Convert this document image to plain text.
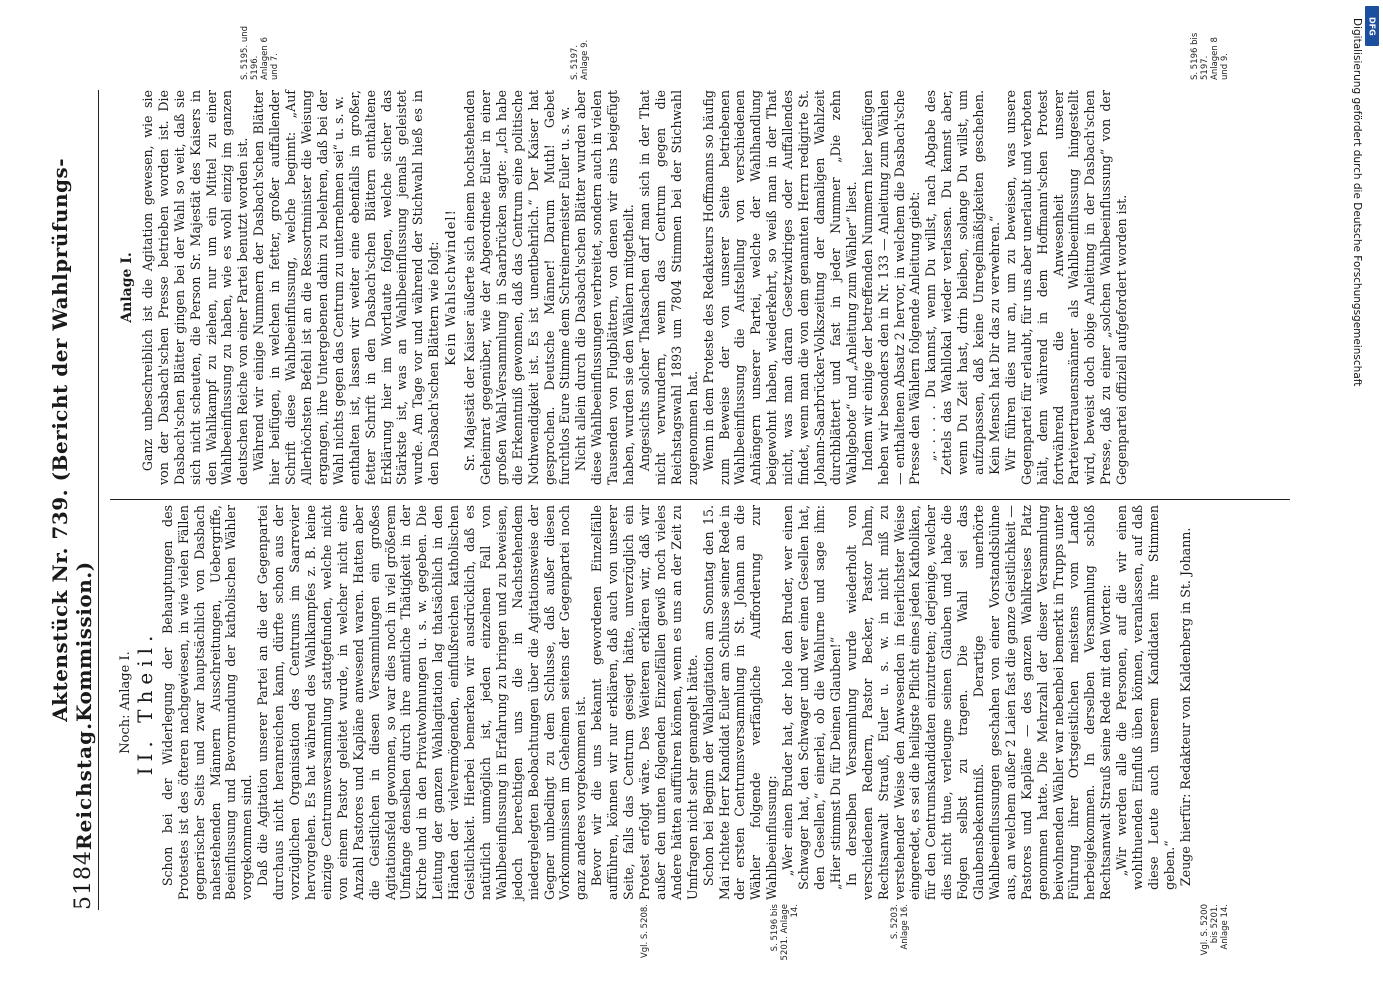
5184
Reichstag.
Aktenstück Nr. 739. (Bericht der Wahlprüfungs-Kommission.) Noch: Anlage I. II. Theil. Schon bei der Widerlegung der Behauptungen des Protestes ist des öfteren nachgewiesen, in wie vielen Fällen gegnerischer Seits und zwar hauptsächlich von Dasbach nahestehenden Männern Ausschreitungen, Uebergriffe, Beeinflussung und Bevormundung der katholischen Wähler vorgekommen sind. Daß die Agitation unserer Partei an die der Gegenpartei durchaus nicht heranreichen kann, dürfte schon aus der vorzüglichen Organisation des Centrums im Saarrevier hervorgehen. Es hat während des Wahlkampfes z. B. keine einzige Centrumsversammlung stattgefunden, welche nicht von einem Pastor geleitet wurde, in welcher nicht eine Anzahl Pastores und Kapläne anwesend waren. Hatten aber die Geistlichen in diesen Versammlungen ein großes Agitationsfeld gewonnen, so war dies noch in viel größerem Umfange denselben durch ihre amtliche Thätigkeit in der Kirche und in den Privatwohnungen u. s. w. gegeben. Die Leitung der ganzen Wahlagitation lag thatsächlich in den Händen der vielvermögenden, einflußreichen katholischen Geistlichkeit. Hierbei bemerken wir ausdrücklich, daß es natürlich unmöglich ist, jeden einzelnen Fall von Wahlbeeinflussung in Erfahrung zu bringen und zu beweisen, jedoch berechtigen uns die in Nachstehendem niedergelegten Beobachtungen über die Agitationsweise der Gegner unbedingt zu dem Schlusse, daß außer diesen Vorkommnissen im Geheimen seitens der Gegenpartei noch ganz anderes vorgekommen ist. Bevor wir die uns bekannt gewordenen Einzelfälle aufführen, können wir nur erklären, daß auch von unserer Seite, falls das Centrum gesiegt hätte, unverzüglich ein Protest erfolgt wäre. Des Weiteren erklären wir, daß wir außer den unten folgenden Einzelfällen gewiß noch vieles Andere hätten aufführen können, wenn es uns an der Zeit zu Umfragen nicht sehr gemangelt hätte. Schon bei Beginn der Wahlagitation am Sonntag den 15. Mai richtete Herr Kandidat Euler am Schlusse seiner Rede in der ersten Centrumsversammlung in St. Johann an die Wähler folgende verfängliche Aufforderung zur Wahlbeeinflussung: „Wer einen Bruder hat, der hole den Bruder, wer einen Schwager hat, den Schwager und wer einen Gesellen hat, den Gesellen,“ einerlei, ob die Wahlurne und sage ihm: „Hier stimmst Du für Deinen Glauben!“ In derselben Versammlung wurde wiederholt von verschiedenen Rednern, Pastor Becker, Pastor Dahm, Rechtsanwalt Strauß, Euler u. s. w. in nicht miß zu verstehender Weise den Anwesenden in feierlichster Weise eingeredet, es sei die heiligste Pflicht eines jeden Katholiken, für den Centrumskandidaten einzutreten; derjenige, welcher dies nicht thue, verleugne seinen Glauben und habe die Folgen selbst zu tragen. Die Wahl sei das Glaubensbekenntniß. Derartige unerhörte Wahlbeeinflussungen geschahen von einer Vorstandsbühne aus, an welchem außer 2 Laien fast die ganze Geistlichkeit — Pastores und Kapläne — des ganzen Wahlkreises Platz genommen hatte. Die Mehrzahl der dieser Versammlung beiwohnenden Wähler war nebenbei bemerkt in Trupps unter Führung ihrer Ortsgeistlichen meistens vom Lande herbeigekommen. In derselben Versammlung schloß Rechtsanwalt Strauß seine Rede mit den Worten: „Wir werden alle die Personen, auf die wir einen wohlthuenden Einfluß üben können, veranlassen, auf daß diese Leute auch unserem Kandidaten ihre Stimmen geben.“ Zeuge hierfür: Redakteur von Kaldenberg in St. Johann.

Anlage I. Ganz unbeschreiblich ist die Agitation gewesen, wie sie von der Dasbach'schen Presse betrieben worden ist. Die Dasbach'schen Blätter gingen bei der Wahl so weit, daß sie sich nicht scheuten, die Person Sr. Majestät des Kaisers in den Wahlkampf zu ziehen, nur um ein Mittel zu einer Wahlbeeinflussung zu haben, wie es wohl einzig im ganzen deutschen Reiche von einer Partei benutzt worden ist. Während wir einige Nummern der Dasbach'schen Blätter hier beifügen, in welchen in fetter, großer auffallender Schrift diese Wahlbeeinflussung, welche beginnt: „Auf Allerhöchsten Befehl ist an die Ressortminister die Weisung ergangen, ihre Untergebenen dahin zu belehren, daß bei der Wahl nichts gegen das Centrum zu unternehmen sei“ u. s. w. enthalten ist, lassen wir weiter eine ebenfalls in großer, fetter Schrift in den Dasbach'schen Blättern enthaltene Erklärung hier im Wortlaute folgen, welche sicher das Stärkste ist, was an Wahlbeeinflussung jemals geleistet wurde. Am Tage vor und während der Stichwahl hieß es in den Dasbach'schen Blättern wie folgt: Kein Wahlschwindel! Sr. Majestät der Kaiser äußerte sich einem hochstehenden Geheimrat gegenüber, wie der Abgeordnete Euler in einer großen Wahl-Versammlung in Saarbrücken sagte: „Ich habe die Erkenntniß gewonnen, daß das Centrum eine politische Nothwendigkeit ist. Es ist unentbehrlich.“ Der Kaiser hat gesprochen. Deutsche Männer! Darum Muth! Gebet furchtlos Eure Stimme dem Schreinermeister Euler u. s. w. Nicht allein durch die Dasbach'schen Blätter wurden aber diese Wahlbeeinflussungen verbreitet, sondern auch in vielen Tausenden von Flugblättern, von denen wir eins beigefügt haben, wurden sie den Wählern mitgetheilt. Angesichts solcher Thatsachen darf man sich in der That nicht verwundern, wenn das Centrum gegen die Reichstagswahl 1893 um 7804 Stimmen bei der Stichwahl zugenommen hat. Wenn in dem Proteste des Redakteurs Hoffmanns so häufig zum Beweise der von unserer Seite betriebenen Wahlbeeinflussung die Aufstellung von verschiedenen Anhängern unserer Partei, welche der Wahlhandlung beigewohnt haben, wiederkehrt, so weiß man in der That nicht, was man daran Gesetzwidriges oder Auffallendes findet, wenn man die von dem genannten Herrn redigirte St. Johann-Saarbrücker-Volkszeitung der damaligen Wahlzeit durchblättert und fast in jeder Nummer „Die zehn Wahlgebote“ und „Anleitung zum Wähler“ liest. Indem wir einige der betreffenden Nummern hier beifügen heben wir besonders den in Nr. 133 — Anleitung zum Wählen — enthaltenen Absatz 2 hervor, in welchem die Dasbach'sche Presse den Wählern folgende Anleitung giebt: „. . . . . Du kannst, wenn Du willst, nach Abgabe des Zettels das Wahllokal wieder verlassen. Du kannst aber, wenn Du Zeit hast, drin bleiben, solange Du willst, um aufzupassen, daß keine Unregelmäßigkeiten geschehen. Kein Mensch hat Dir das zu verwehren.“ Wir führen dies nur an, um zu beweisen, was unsere Gegenpartei für erlaubt, für uns aber unerlaubt und verboten hält, denn während in dem Hoffmann'schen Protest fortwährend die Anwesenheit unserer Parteivertrauensmänner als Wahlbeeinflussung hingestellt wird, beweist doch obige Anleitung in der Dasbach'schen Presse, daß zu einer „solchen Wahlbeeinflussung“ von der Gegenpartei offiziell aufgefordert worden ist.

Vgl. S. 5208.	S. 5196 bis 5201. Anlage 14.	S. 5203. Anlage 16.	Vgl. S. 5200 bis 5201. Anlage 14.
S. 5195. und 5196. Anlagen 6 und 7.	S. 5197. Anlage 9.	S. 5196 bis 5197. Anlagen 8 und 9.
DFG
Digitalisierung gefördert durch die Deutsche Forschungsgemeinschaft
